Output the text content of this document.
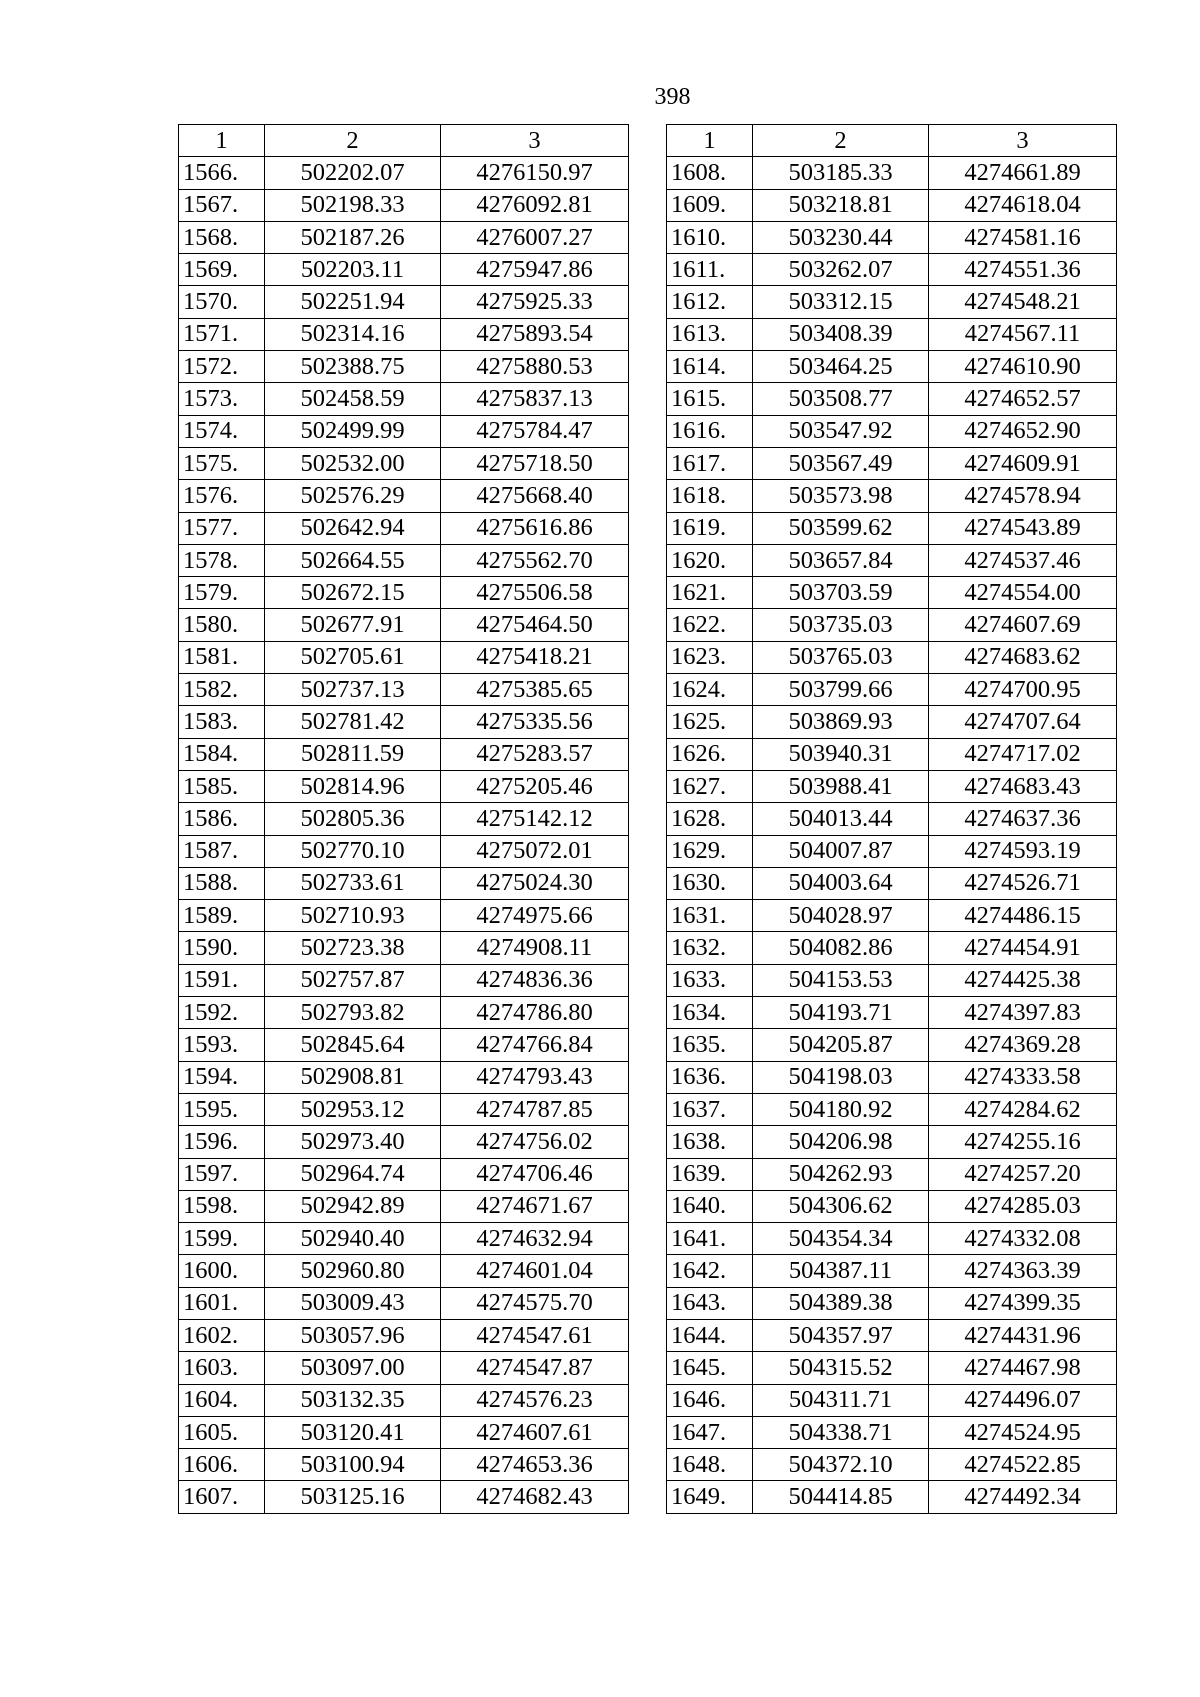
398
1	2	3
1566.	502202.07	4276150.97
1567.	502198.33	4276092.81
1568.	502187.26	4276007.27
1569.	502203.11	4275947.86
1570.	502251.94	4275925.33
1571.	502314.16	4275893.54
1572.	502388.75	4275880.53
1573.	502458.59	4275837.13
1574.	502499.99	4275784.47
1575.	502532.00	4275718.50
1576.	502576.29	4275668.40
1577.	502642.94	4275616.86
1578.	502664.55	4275562.70
1579.	502672.15	4275506.58
1580.	502677.91	4275464.50
1581.	502705.61	4275418.21
1582.	502737.13	4275385.65
1583.	502781.42	4275335.56
1584.	502811.59	4275283.57
1585.	502814.96	4275205.46
1586.	502805.36	4275142.12
1587.	502770.10	4275072.01
1588.	502733.61	4275024.30
1589.	502710.93	4274975.66
1590.	502723.38	4274908.11
1591.	502757.87	4274836.36
1592.	502793.82	4274786.80
1593.	502845.64	4274766.84
1594.	502908.81	4274793.43
1595.	502953.12	4274787.85
1596.	502973.40	4274756.02
1597.	502964.74	4274706.46
1598.	502942.89	4274671.67
1599.	502940.40	4274632.94
1600.	502960.80	4274601.04
1601.	503009.43	4274575.70
1602.	503057.96	4274547.61
1603.	503097.00	4274547.87
1604.	503132.35	4274576.23
1605.	503120.41	4274607.61
1606.	503100.94	4274653.36
1607.	503125.16	4274682.43
1	2	3
1608.	503185.33	4274661.89
1609.	503218.81	4274618.04
1610.	503230.44	4274581.16
1611.	503262.07	4274551.36
1612.	503312.15	4274548.21
1613.	503408.39	4274567.11
1614.	503464.25	4274610.90
1615.	503508.77	4274652.57
1616.	503547.92	4274652.90
1617.	503567.49	4274609.91
1618.	503573.98	4274578.94
1619.	503599.62	4274543.89
1620.	503657.84	4274537.46
1621.	503703.59	4274554.00
1622.	503735.03	4274607.69
1623.	503765.03	4274683.62
1624.	503799.66	4274700.95
1625.	503869.93	4274707.64
1626.	503940.31	4274717.02
1627.	503988.41	4274683.43
1628.	504013.44	4274637.36
1629.	504007.87	4274593.19
1630.	504003.64	4274526.71
1631.	504028.97	4274486.15
1632.	504082.86	4274454.91
1633.	504153.53	4274425.38
1634.	504193.71	4274397.83
1635.	504205.87	4274369.28
1636.	504198.03	4274333.58
1637.	504180.92	4274284.62
1638.	504206.98	4274255.16
1639.	504262.93	4274257.20
1640.	504306.62	4274285.03
1641.	504354.34	4274332.08
1642.	504387.11	4274363.39
1643.	504389.38	4274399.35
1644.	504357.97	4274431.96
1645.	504315.52	4274467.98
1646.	504311.71	4274496.07
1647.	504338.71	4274524.95
1648.	504372.10	4274522.85
1649.	504414.85	4274492.34
